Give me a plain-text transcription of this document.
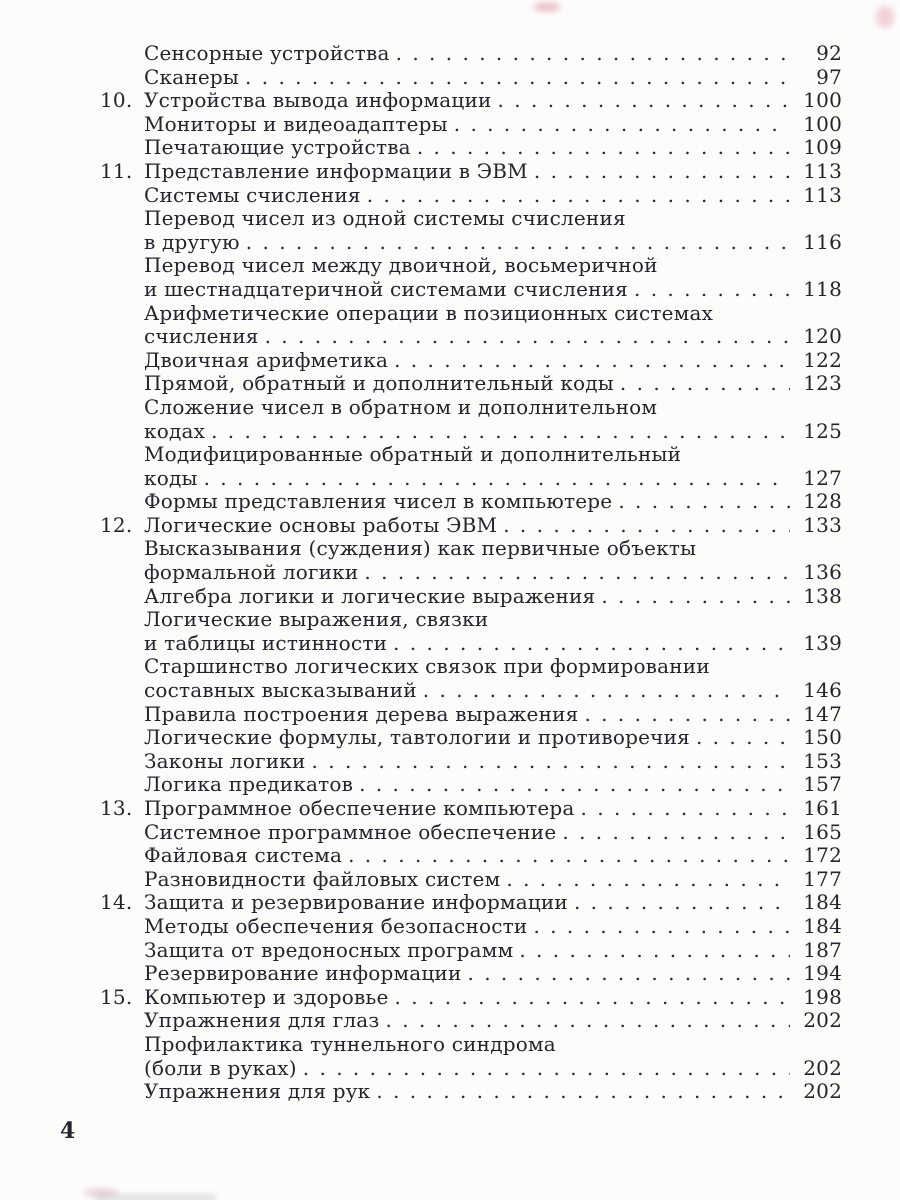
Сенсорные устройства . . .	92
Сканеры . . .	97
10. Устройства вывода информации . . .	100
Мониторы и видеоадаптеры . . .	100
Печатающие устройства . . .	109
11. Представление информации в ЭВМ . . .	113
Системы счисления . . .	113
Перевод чисел из одной системы счисления
в другую . . .	116
Перевод чисел между двоичной, восьмеричной
и шестнадцатеричной системами счисления . . .	118
Арифметические операции в позиционных системах
счисления . . .	120
Двоичная арифметика . . .	122
Прямой, обратный и дополнительный коды . . .	123
Сложение чисел в обратном и дополнительном
кодах . . .	125
Модифицированные обратный и дополнительный
коды . . .	127
Формы представления чисел в компьютере . . .	128
12. Логические основы работы ЭВМ . . .	133
Высказывания (суждения) как первичные объекты
формальной логики . . .	136
Алгебра логики и логические выражения . . .	138
Логические выражения, связки
и таблицы истинности . . .	139
Старшинство логических связок при формировании
составных высказываний . . .	146
Правила построения дерева выражения . . .	147
Логические формулы, тавтологии и противоречия . . .	150
Законы логики . . .	153
Логика предикатов . . .	157
13. Программное обеспечение компьютера . . .	161
Системное программное обеспечение . . .	165
Файловая система . . .	172
Разновидности файловых систем . . .	177
14. Защита и резервирование информации . . .	184
Методы обеспечения безопасности . . .	184
Защита от вредоносных программ . . .	187
Резервирование информации . . .	194
15. Компьютер и здоровье . . .	198
Упражнения для глаз . . .	202
Профилактика туннельного синдрома
(боли в руках) . . .	202
Упражнения для рук . . .	202
4
